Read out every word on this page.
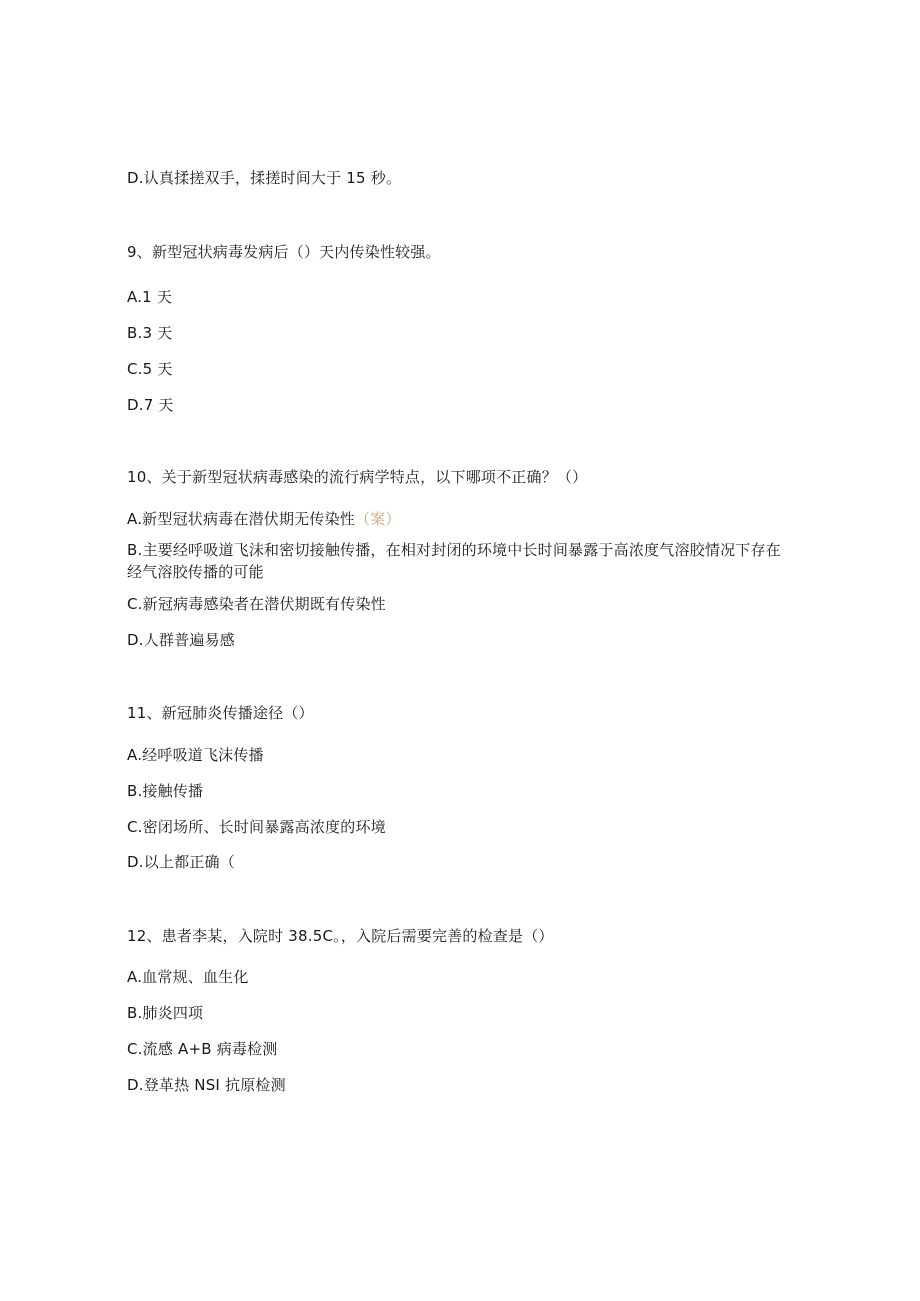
D.认真揉搓双手，揉搓时间大于 15 秒。
9、新型冠状病毒发病后（）天内传染性较强。
A.1 天
B.3 天
C.5 天
D.7 天
10、关于新型冠状病毒感染的流行病学特点，以下哪项不正确？（）
A.新型冠状病毒在潜伏期无传染性（案）
B.主要经呼吸道飞沫和密切接触传播，在相对封闭的环境中长时间暴露于高浓度气溶胶情况下存在经气溶胶传播的可能
C.新冠病毒感染者在潜伏期既有传染性
D.人群普遍易感
11、新冠肺炎传播途径（）
A.经呼吸道飞沫传播
B.接触传播
C.密闭场所、长时间暴露高浓度的环境
D.以上都正确（
12、患者李某，入院时 38.5C。，入院后需要完善的检查是（）
A.血常规、血生化
B.肺炎四项
C.流感 A+B 病毒检测
D.登革热 NSI 抗原检测
